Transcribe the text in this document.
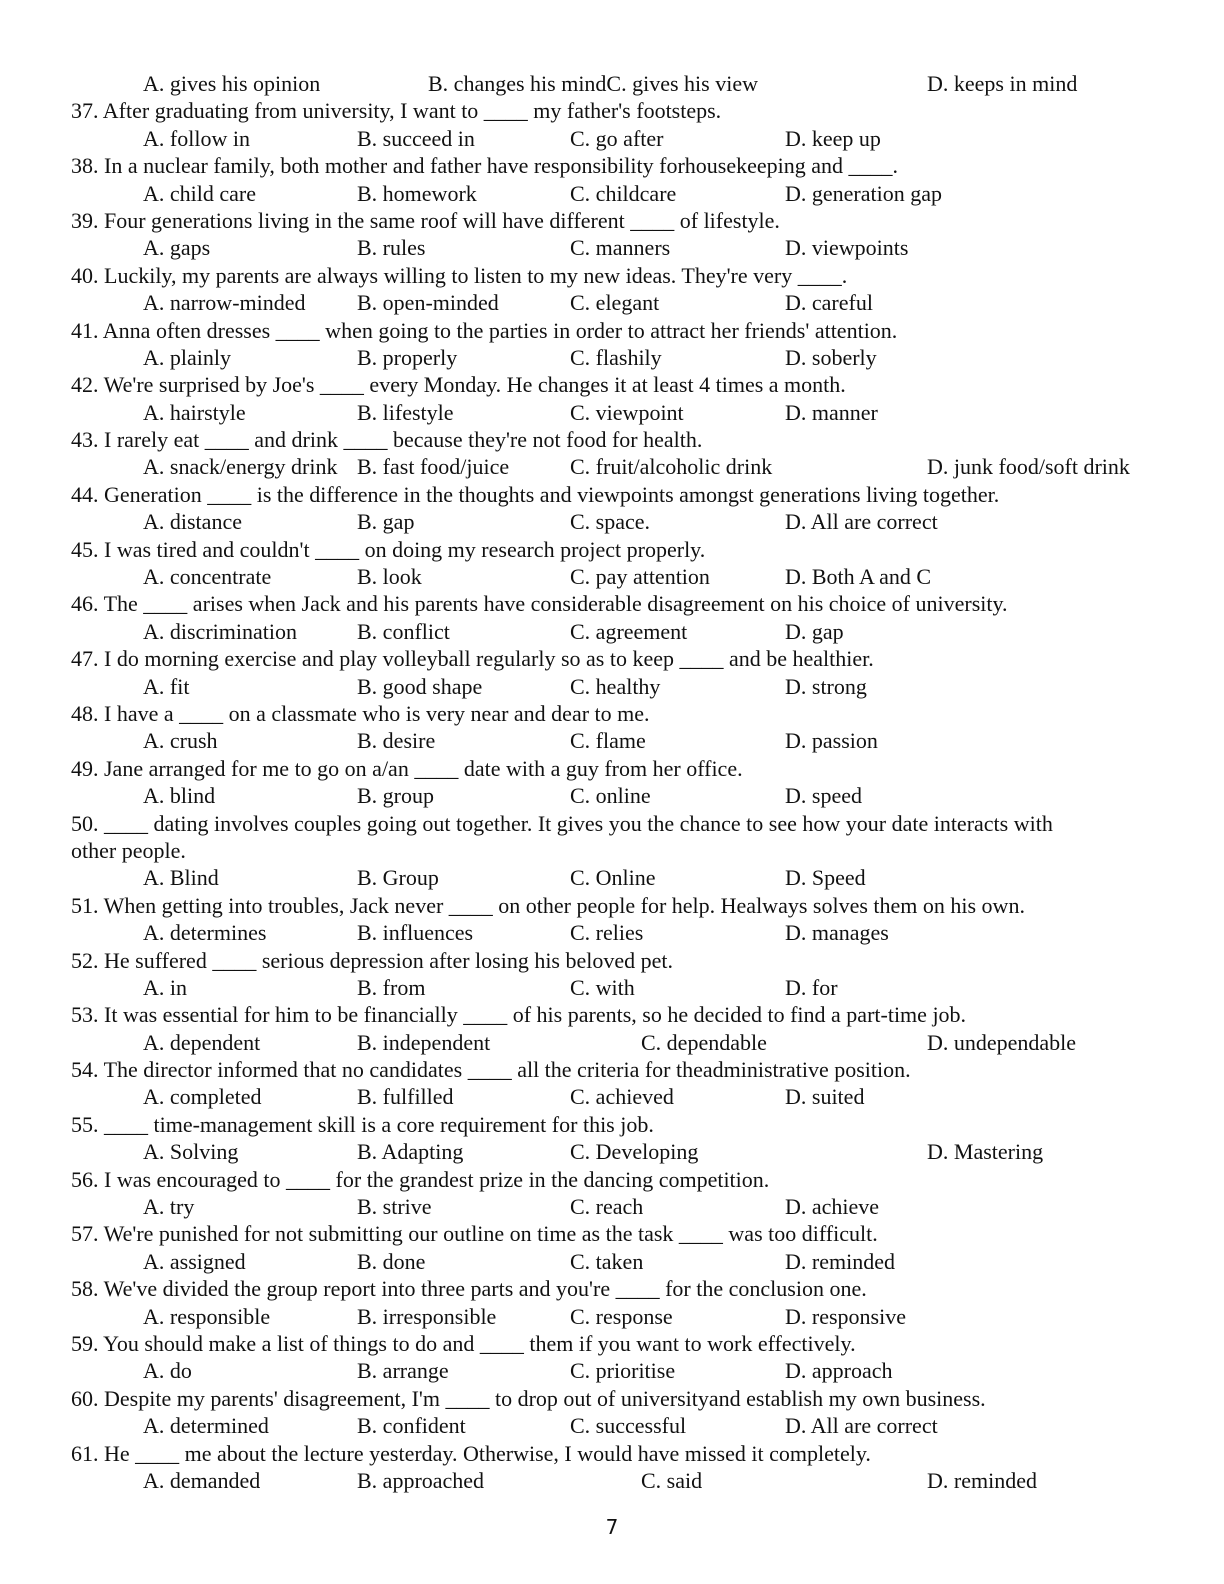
A. gives his opinion	B. changes his mindC. gives his view	D. keeps in mind
37. After graduating from university, I want to ____ my father's footsteps.
A. follow in	B. succeed in	C. go after	D. keep up
38. In a nuclear family, both mother and father have responsibility forhousekeeping and ____.
A. child care	B. homework	C. childcare	D. generation gap
39. Four generations living in the same roof will have different ____ of lifestyle.
A. gaps	B. rules	C. manners	D. viewpoints
40. Luckily, my parents are always willing to listen to my new ideas. They're very ____.
A. narrow-minded B. open-minded	C. elegant	D. careful
41. Anna often dresses ____ when going to the parties in order to attract her friends' attention.
A. plainly	B. properly	C. flashily	D. soberly
42. We're surprised by Joe's ____ every Monday. He changes it at least 4 times a month.
A. hairstyle	B. lifestyle	C. viewpoint	D. manner
43. I rarely eat ____ and drink ____ because they're not food for health.
A. snack/energy drink B. fast food/juice	C. fruit/alcoholic drink	D. junk food/soft drink
44. Generation ____ is the difference in the thoughts and viewpoints amongst generations living together.
A. distance	B. gap	C. space.	D. All are correct
45. I was tired and couldn't ____ on doing my research project properly.
A. concentrate	B. look	C. pay attention	D. Both A and C
46. The ____ arises when Jack and his parents have considerable disagreement on his choice of university.
A. discrimination	B. conflict	C. agreement	D. gap
47. I do morning exercise and play volleyball regularly so as to keep ____ and be healthier.
A. fit	B. good shape	C. healthy	D. strong
48. I have a ____ on a classmate who is very near and dear to me.
A. crush	B. desire	C. flame	D. passion
49. Jane arranged for me to go on a/an ____ date with a guy from her office.
A. blind	B. group	C. online	D. speed
50. ____ dating involves couples going out together. It gives you the chance to see how your date interacts with
other people.
A. Blind	B. Group	C. Online	D. Speed
51. When getting into troubles, Jack never ____ on other people for help. Healways solves them on his own.
A. determines	B. influences	C. relies	D. manages
52. He suffered ____ serious depression after losing his beloved pet.
A. in	B. from	C. with	D. for
53. It was essential for him to be financially ____ of his parents, so he decided to find a part-time job.
A. dependent	B. independent	C. dependable	D. undependable
54. The director informed that no candidates ____ all the criteria for theadministrative position.
A. completed	B. fulfilled	C. achieved	D. suited
55. ____ time-management skill is a core requirement for this job.
A. Solving	B. Adapting	C. Developing	D. Mastering
56. I was encouraged to ____ for the grandest prize in the dancing competition.
A. try	B. strive	C. reach	D. achieve
57. We're punished for not submitting our outline on time as the task ____ was too difficult.
A. assigned	B. done	C. taken	D. reminded
58. We've divided the group report into three parts and you're ____ for the conclusion one.
A. responsible	B. irresponsible	C. response	D. responsive
59. You should make a list of things to do and ____ them if you want to work effectively.
A. do	B. arrange	C. prioritise	D. approach
60. Despite my parents' disagreement, I'm ____ to drop out of universityand establish my own business.
A. determined	B. confident	C. successful	D. All are correct
61. He ____ me about the lecture yesterday. Otherwise, I would have missed it completely.
A. demanded	B. approached	C. said	D. reminded
7
